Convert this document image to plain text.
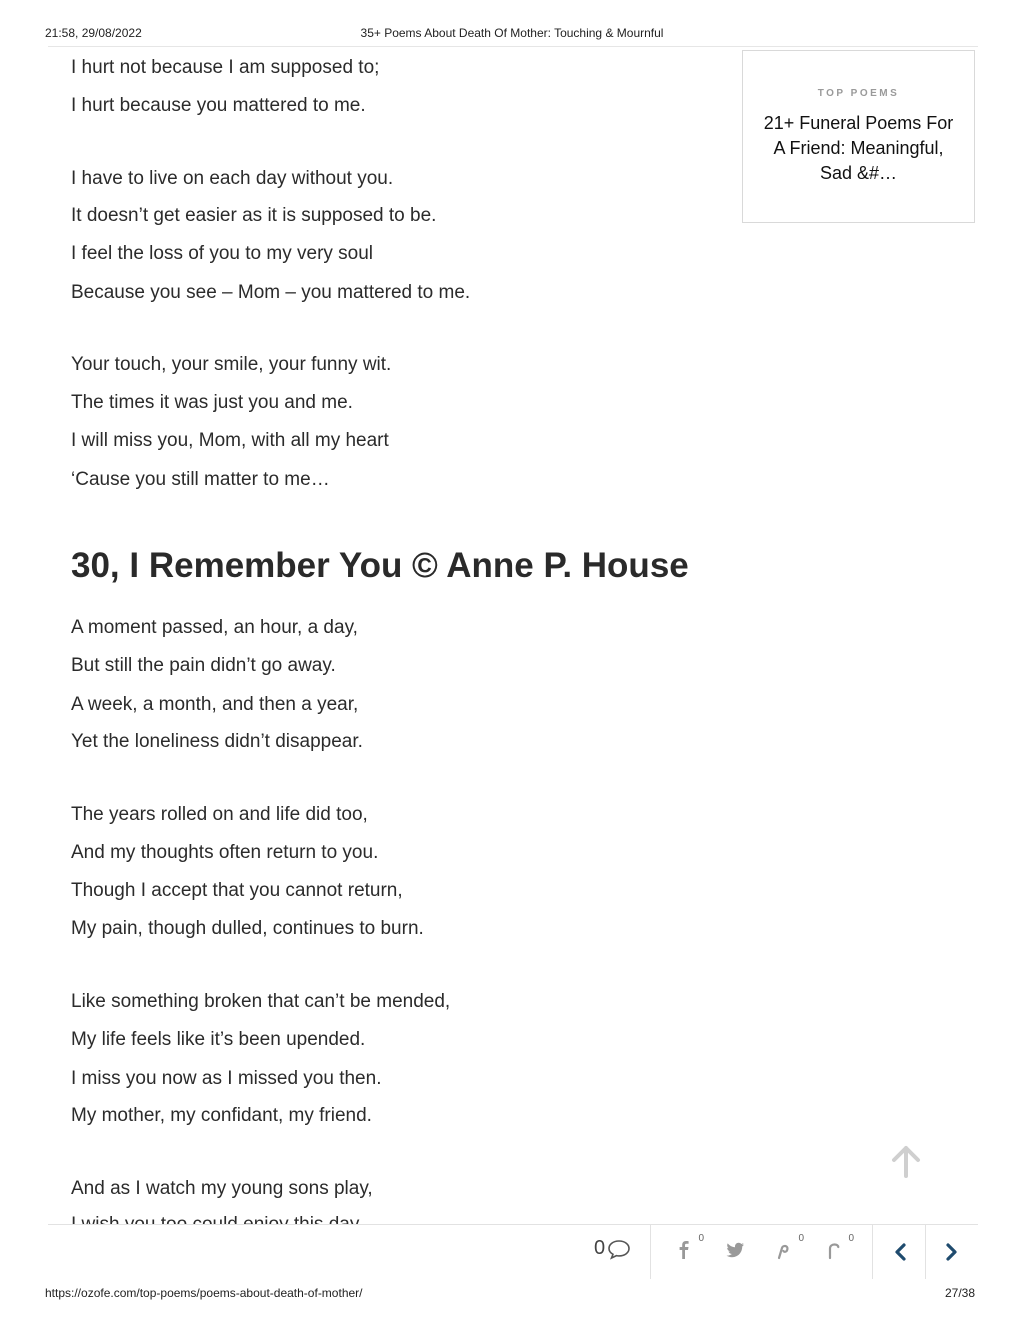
21:58, 29/08/2022	35+ Poems About Death Of Mother: Touching & Mournful
I hurt not because I am supposed to;
I hurt because you mattered to me.
I have to live on each day without you.
It doesn’t get easier as it is supposed to be.
I feel the loss of you to my very soul
Because you see – Mom – you mattered to me.
Your touch, your smile, your funny wit.
The times it was just you and me.
I will miss you, Mom, with all my heart
‘Cause you still matter to me…
30, I Remember You © Anne P. House
A moment passed, an hour, a day,
But still the pain didn’t go away.
A week, a month, and then a year,
Yet the loneliness didn’t disappear.
The years rolled on and life did too,
And my thoughts often return to you.
Though I accept that you cannot return,
My pain, though dulled, continues to burn.
Like something broken that can’t be mended,
My life feels like it’s been upended.
I miss you now as I missed you then.
My mother, my confidant, my friend.
And as I watch my young sons play,
TOP POEMS
21+ Funeral Poems For A Friend: Meaningful, Sad &#…
0	0	0	0
https://ozofe.com/top-poems/poems-about-death-of-mother/	27/38
